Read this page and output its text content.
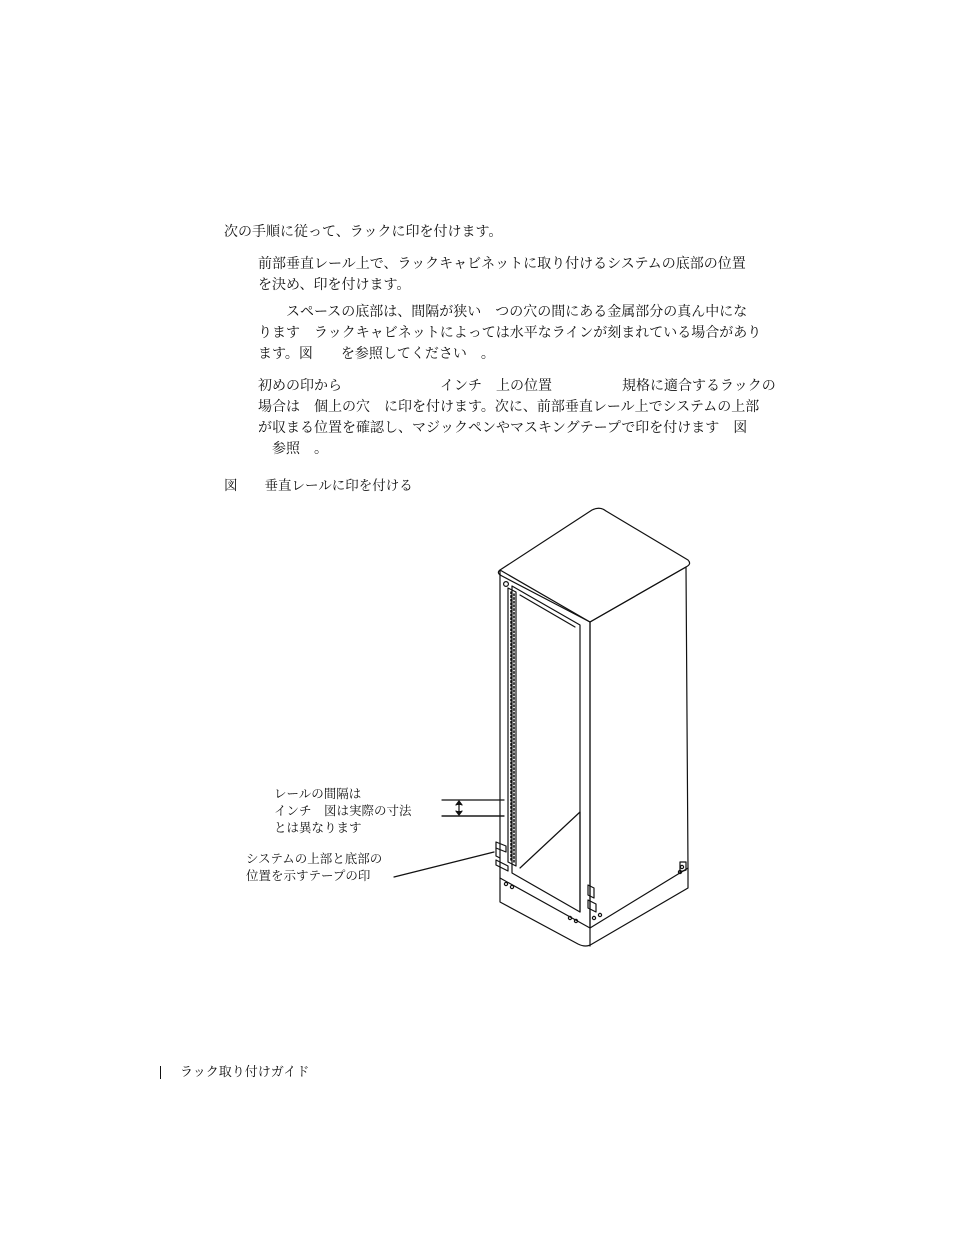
次の手順に従って、ラックに印を付けます。

前部垂直レール上で、ラックキャビネットに取り付けるシステムの底部の位置
を決め、印を付けます。
　　スペースの底部は、間隔が狭い　つの穴の間にある金属部分の真ん中にな
ります　ラックキャビネットによっては水平なラインが刻まれている場合があり
ます。図　　を参照してください　。
初めの印から　　　　　　　インチ　上の位置　　　　　規格に適合するラックの
場合は　個上の穴　に印を付けます。次に、前部垂直レール上でシステムの上部
が収まる位置を確認し、マジックペンやマスキングテープで印を付けます　図
　参照　。

図　　垂直レールに印を付ける

レールの間隔は
インチ　図は実際の寸法
とは異なります
システムの上部と底部の
位置を示すテープの印

ラック取り付けガイド
